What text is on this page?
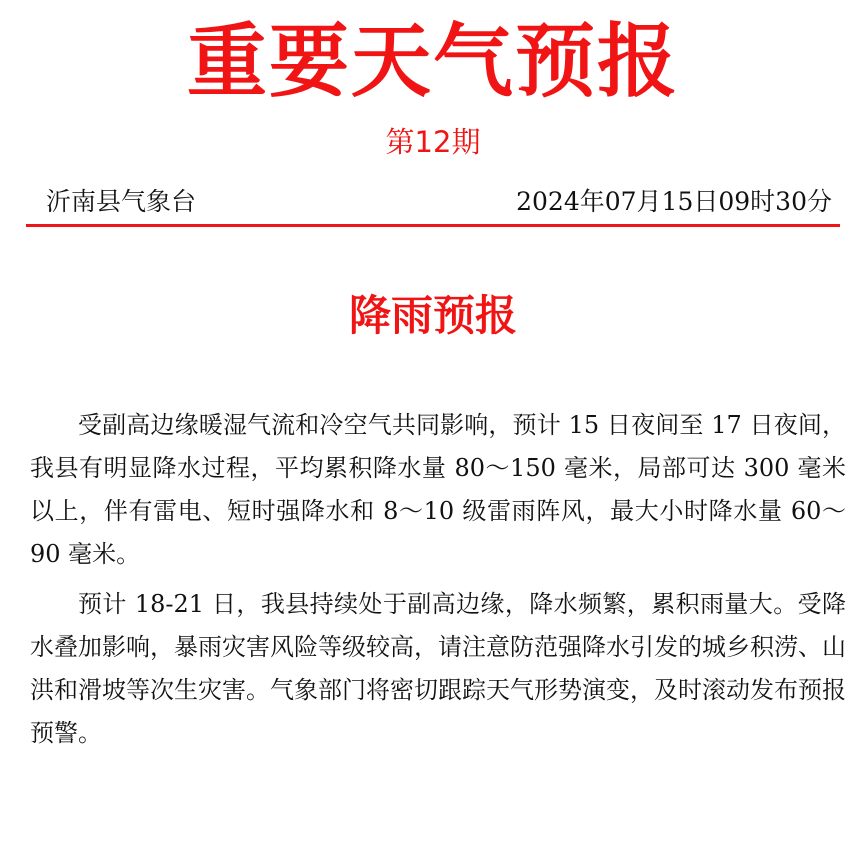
重要天气预报
第12期
沂南县气象台	2024年07月15日09时30分
降雨预报

受副高边缘暖湿气流和冷空气共同影响，预计 15 日夜间至 17 日夜间，我县有明显降水过程，平均累积降水量 80～150 毫米，局部可达 300 毫米以上，伴有雷电、短时强降水和 8～10 级雷雨阵风，最大小时降水量 60～90 毫米。

预计 18-21 日，我县持续处于副高边缘，降水频繁，累积雨量大。受降水叠加影响，暴雨灾害风险等级较高，请注意防范强降水引发的城乡积涝、山洪和滑坡等次生灾害。气象部门将密切跟踪天气形势演变，及时滚动发布预报预警。
